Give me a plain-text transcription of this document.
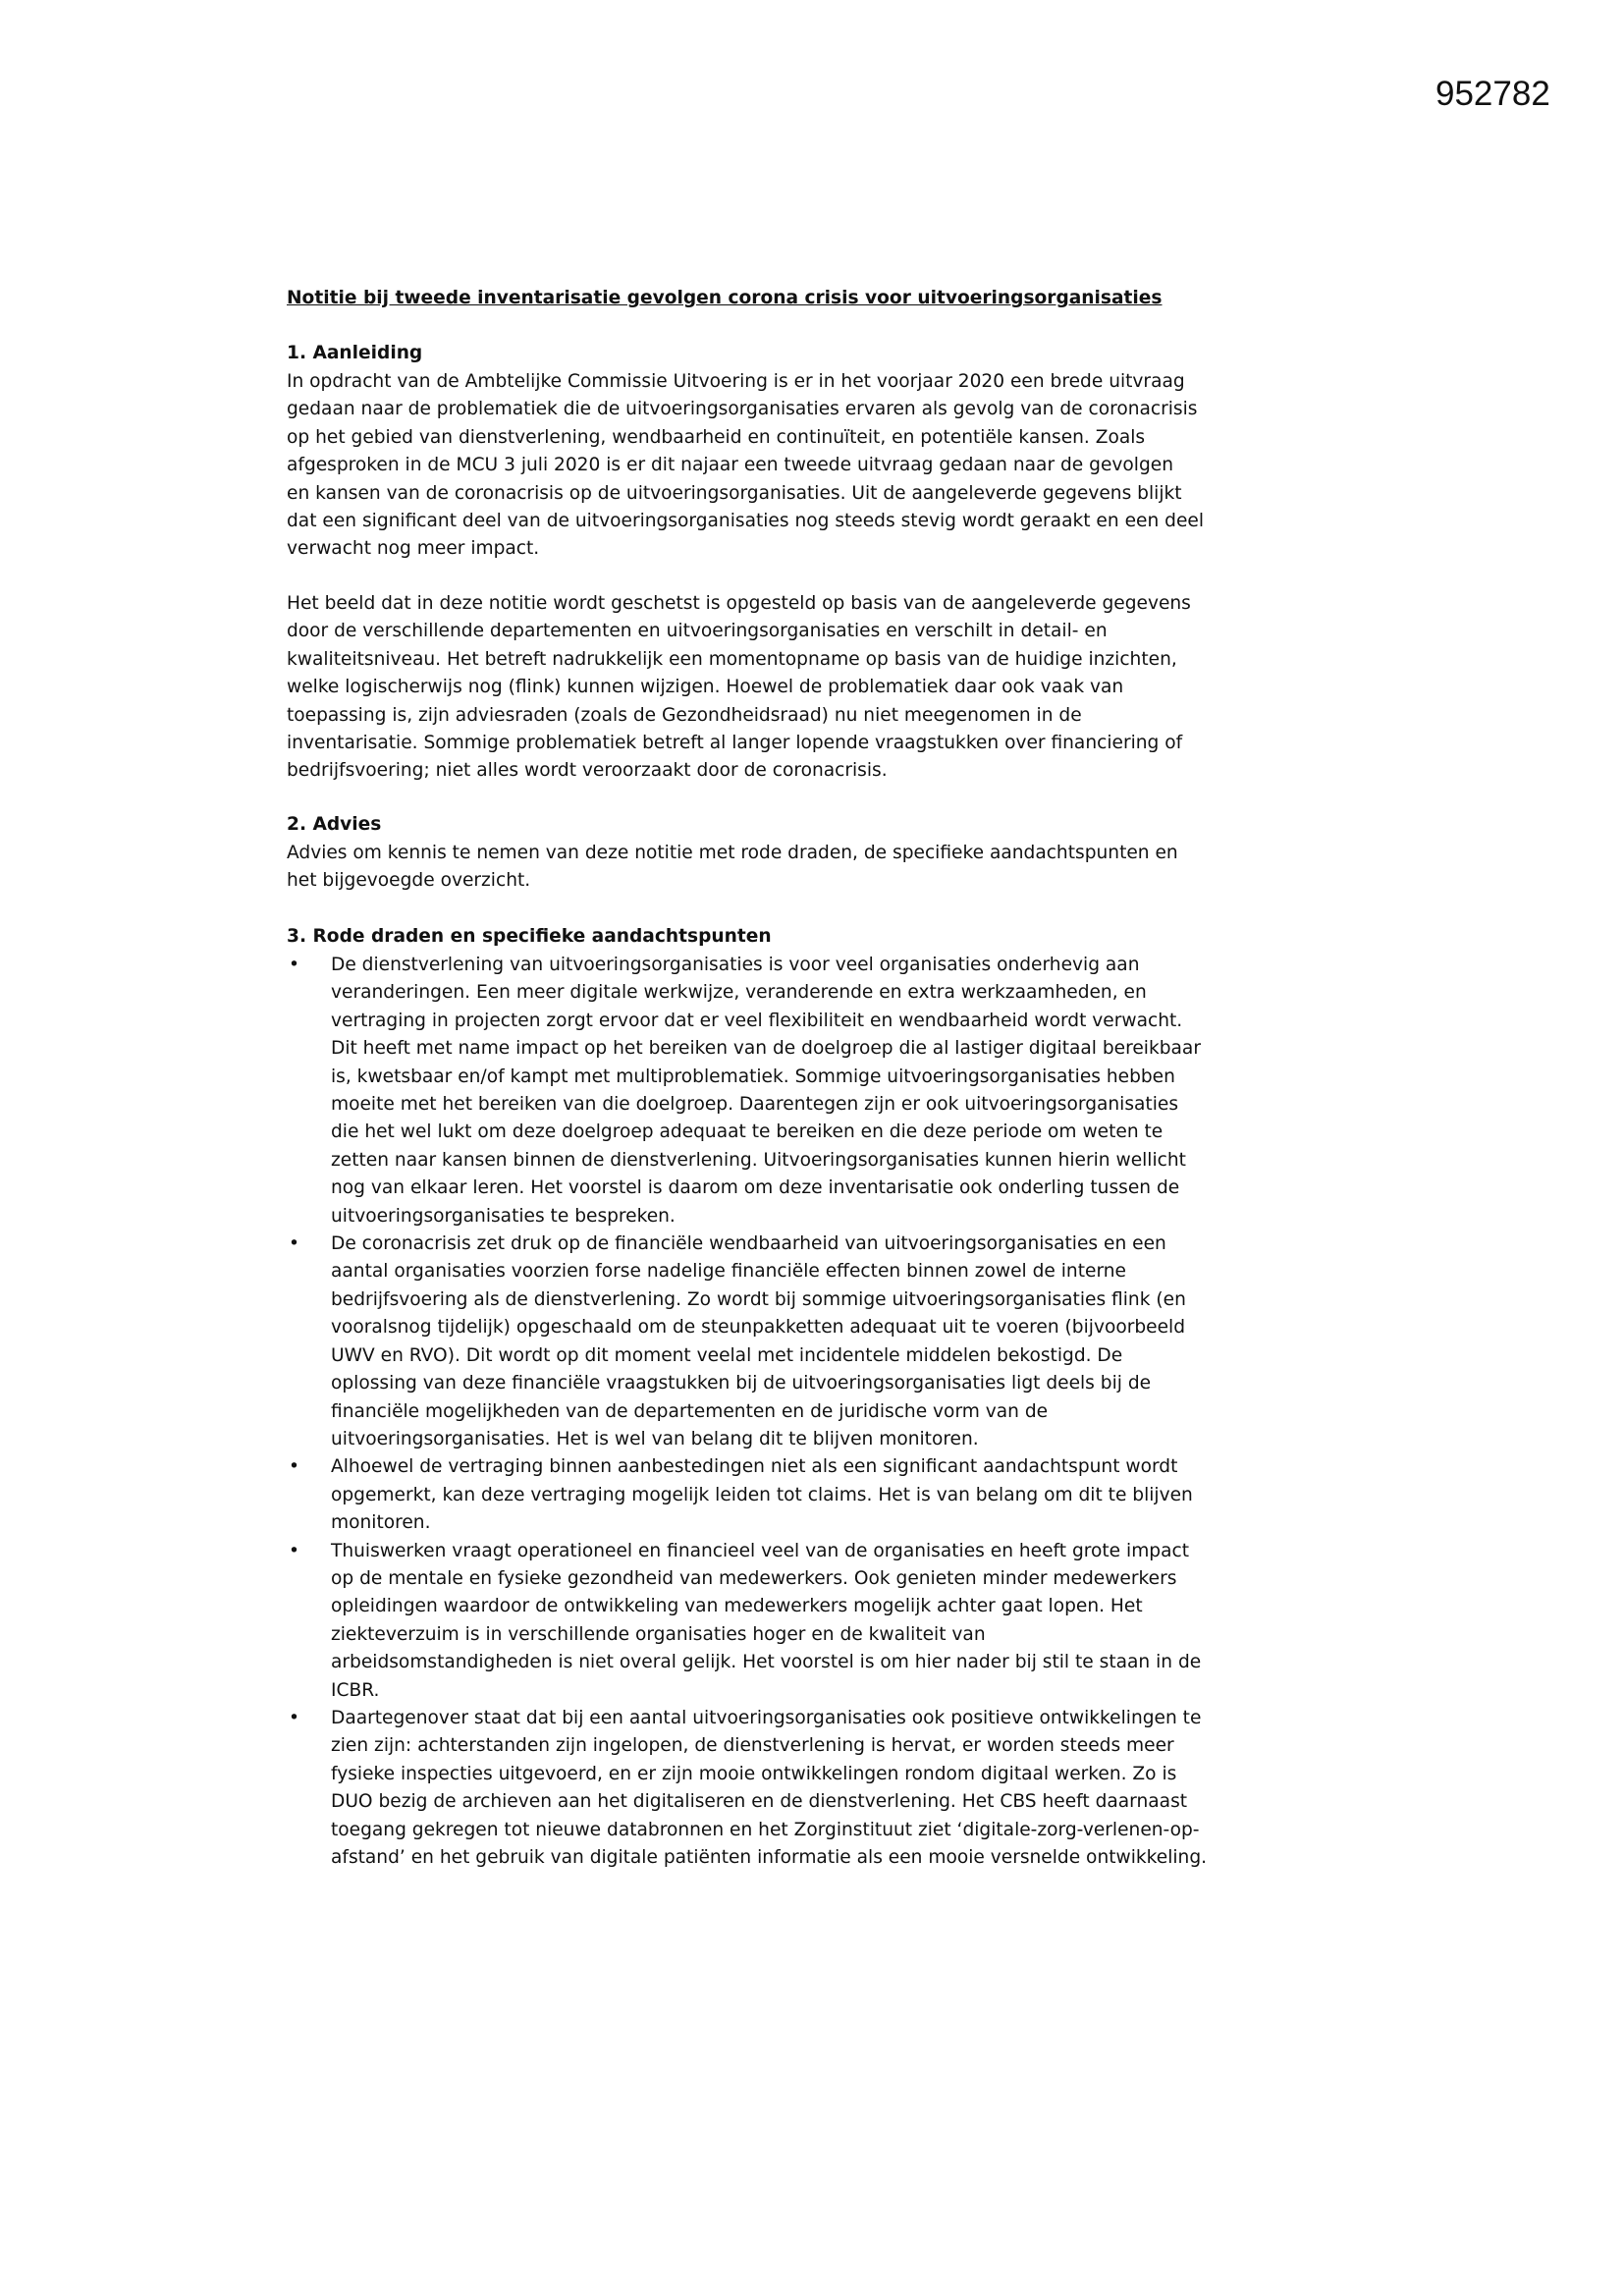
952782
Notitie bij tweede inventarisatie gevolgen corona crisis voor uitvoeringsorganisaties
1. Aanleiding
In opdracht van de Ambtelijke Commissie Uitvoering is er in het voorjaar 2020 een brede uitvraag
gedaan naar de problematiek die de uitvoeringsorganisaties ervaren als gevolg van de coronacrisis
op het gebied van dienstverlening, wendbaarheid en continuïteit, en potentiële kansen. Zoals
afgesproken in de MCU 3 juli 2020 is er dit najaar een tweede uitvraag gedaan naar de gevolgen
en kansen van de coronacrisis op de uitvoeringsorganisaties. Uit de aangeleverde gegevens blijkt
dat een significant deel van de uitvoeringsorganisaties nog steeds stevig wordt geraakt en een deel
verwacht nog meer impact.
Het beeld dat in deze notitie wordt geschetst is opgesteld op basis van de aangeleverde gegevens
door de verschillende departementen en uitvoeringsorganisaties en verschilt in detail- en
kwaliteitsniveau. Het betreft nadrukkelijk een momentopname op basis van de huidige inzichten,
welke logischerwijs nog (flink) kunnen wijzigen. Hoewel de problematiek daar ook vaak van
toepassing is, zijn adviesraden (zoals de Gezondheidsraad) nu niet meegenomen in de
inventarisatie. Sommige problematiek betreft al langer lopende vraagstukken over financiering of
bedrijfsvoering; niet alles wordt veroorzaakt door de coronacrisis.
2. Advies
Advies om kennis te nemen van deze notitie met rode draden, de specifieke aandachtspunten en
het bijgevoegde overzicht.
3. Rode draden en specifieke aandachtspunten
• De dienstverlening van uitvoeringsorganisaties is voor veel organisaties onderhevig aan
veranderingen. Een meer digitale werkwijze, veranderende en extra werkzaamheden, en
vertraging in projecten zorgt ervoor dat er veel flexibiliteit en wendbaarheid wordt verwacht.
Dit heeft met name impact op het bereiken van de doelgroep die al lastiger digitaal bereikbaar
is, kwetsbaar en/of kampt met multiproblematiek. Sommige uitvoeringsorganisaties hebben
moeite met het bereiken van die doelgroep. Daarentegen zijn er ook uitvoeringsorganisaties
die het wel lukt om deze doelgroep adequaat te bereiken en die deze periode om weten te
zetten naar kansen binnen de dienstverlening. Uitvoeringsorganisaties kunnen hierin wellicht
nog van elkaar leren. Het voorstel is daarom om deze inventarisatie ook onderling tussen de
uitvoeringsorganisaties te bespreken.
• De coronacrisis zet druk op de financiële wendbaarheid van uitvoeringsorganisaties en een
aantal organisaties voorzien forse nadelige financiële effecten binnen zowel de interne
bedrijfsvoering als de dienstverlening. Zo wordt bij sommige uitvoeringsorganisaties flink (en
vooralsnog tijdelijk) opgeschaald om de steunpakketten adequaat uit te voeren (bijvoorbeeld
UWV en RVO). Dit wordt op dit moment veelal met incidentele middelen bekostigd. De
oplossing van deze financiële vraagstukken bij de uitvoeringsorganisaties ligt deels bij de
financiële mogelijkheden van de departementen en de juridische vorm van de
uitvoeringsorganisaties. Het is wel van belang dit te blijven monitoren.
• Alhoewel de vertraging binnen aanbestedingen niet als een significant aandachtspunt wordt
opgemerkt, kan deze vertraging mogelijk leiden tot claims. Het is van belang om dit te blijven
monitoren.
• Thuiswerken vraagt operationeel en financieel veel van de organisaties en heeft grote impact
op de mentale en fysieke gezondheid van medewerkers. Ook genieten minder medewerkers
opleidingen waardoor de ontwikkeling van medewerkers mogelijk achter gaat lopen. Het
ziekteverzuim is in verschillende organisaties hoger en de kwaliteit van
arbeidsomstandigheden is niet overal gelijk. Het voorstel is om hier nader bij stil te staan in de
ICBR.
• Daartegenover staat dat bij een aantal uitvoeringsorganisaties ook positieve ontwikkelingen te
zien zijn: achterstanden zijn ingelopen, de dienstverlening is hervat, er worden steeds meer
fysieke inspecties uitgevoerd, en er zijn mooie ontwikkelingen rondom digitaal werken. Zo is
DUO bezig de archieven aan het digitaliseren en de dienstverlening. Het CBS heeft daarnaast
toegang gekregen tot nieuwe databronnen en het Zorginstituut ziet ‘digitale-zorg-verlenen-op-
afstand’ en het gebruik van digitale patiënten informatie als een mooie versnelde ontwikkeling.
